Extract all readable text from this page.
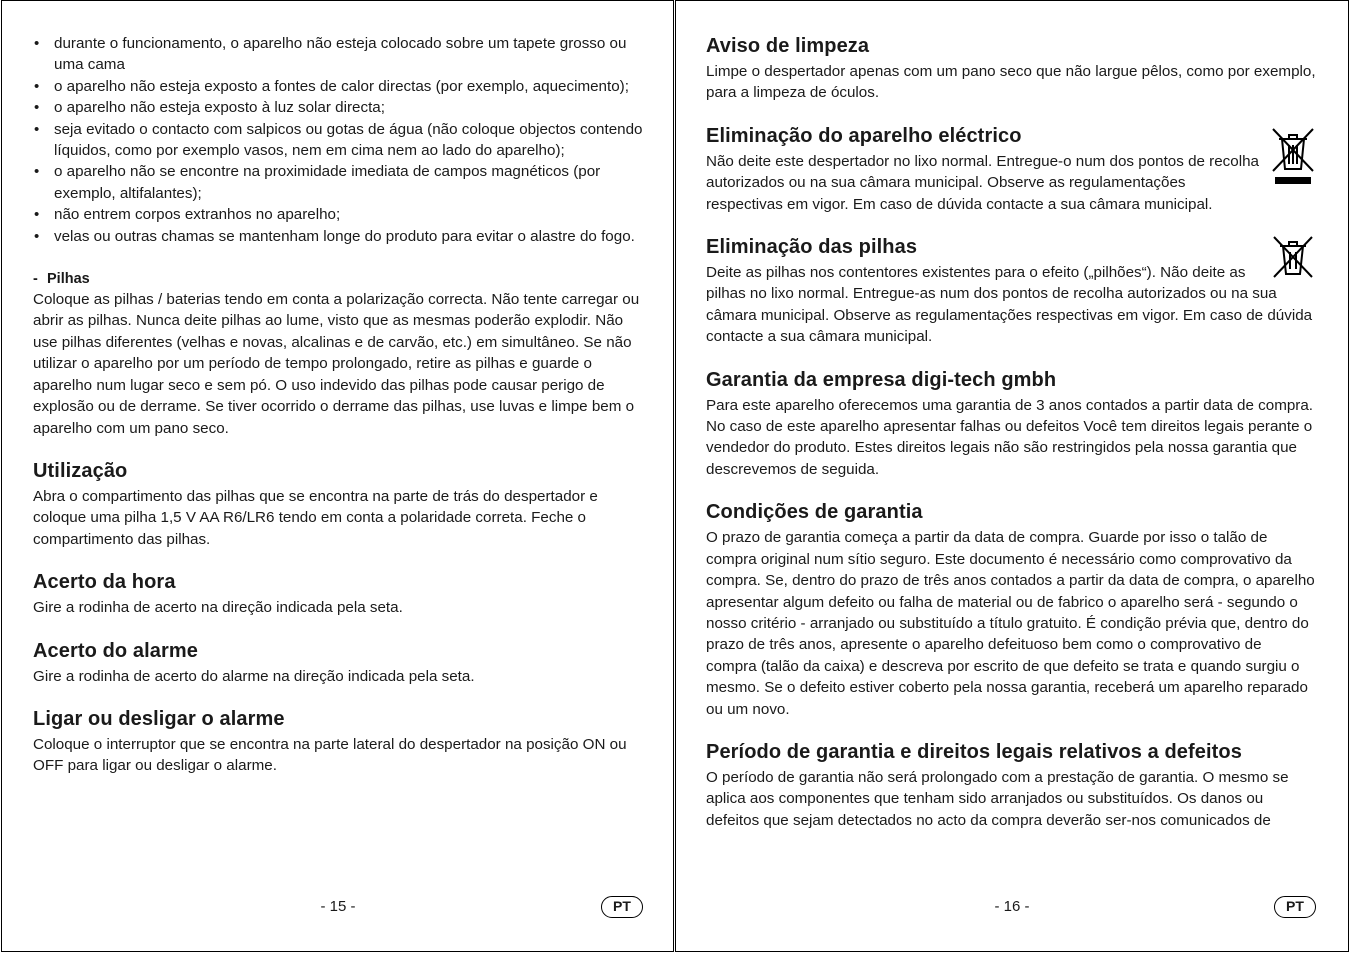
• durante o funcionamento, o aparelho não esteja colocado sobre um tapete grosso ou uma cama
• o aparelho não esteja exposto a fontes de calor directas (por exemplo, aquecimento);
• o aparelho não esteja exposto à luz solar directa;
• seja evitado o contacto com salpicos ou gotas de água (não coloque objectos contendo líquidos, como por exemplo vasos, nem em cima nem ao lado do aparelho);
• o aparelho não se encontre na proximidade imediata de campos magnéticos (por exemplo, altifalantes);
• não entrem corpos extranhos no aparelho;
• velas ou outras chamas se mantenham longe do produto para evitar o alastre do fogo.
- Pilhas

Coloque as pilhas / baterias tendo em conta a polarização correcta. Não tente carregar ou abrir as pilhas. Nunca deite pilhas ao lume, visto que as mesmas poderão explodir. Não use pilhas diferentes (velhas e novas, alcalinas e de carvão, etc.) em simultâneo. Se não utilizar o aparelho por um período de tempo prolongado, retire as pilhas e guarde o aparelho num lugar seco e sem pó. O uso indevido das pilhas pode causar perigo de explosão ou de derrame. Se tiver ocorrido o derrame das pilhas, use luvas e limpe bem o aparelho com um pano seco.

Utilização

Abra o compartimento das pilhas que se encontra na parte de trás do despertador e coloque uma pilha 1,5 V AA R6/LR6 tendo em conta a polaridade correta. Feche o compartimento das pilhas.

Acerto da hora

Gire a rodinha de acerto na direção indicada pela seta.

Acerto do alarme

Gire a rodinha de acerto do alarme na direção indicada pela seta.

Ligar ou desligar o alarme

Coloque o interruptor que se encontra na parte lateral do despertador na posição ON ou OFF para ligar ou desligar o alarme.

- 15 -	PT
Aviso de limpeza

Limpe o despertador apenas com um pano seco que não largue pêlos, como por exemplo, para a limpeza de óculos.

Eliminação do aparelho eléctrico

Não deite este despertador no lixo normal. Entregue-o num dos pontos de recolha autorizados ou na sua câmara municipal. Observe as regulamentações respectivas em vigor. Em caso de dúvida contacte a sua câmara municipal.

Eliminação das pilhas

Deite as pilhas nos contentores existentes para o efeito („pilhões“). Não deite as pilhas no lixo normal. Entregue-as num dos pontos de recolha autorizados ou na sua câmara municipal. Observe as regulamentações respectivas em vigor. Em caso de dúvida contacte a sua câmara municipal.

Garantia da empresa digi-tech gmbh

Para este aparelho oferecemos uma garantia de 3 anos contados a partir data de compra. No caso de este aparelho apresentar falhas ou defeitos Você tem direitos legais perante o vendedor do produto. Estes direitos legais não são restringidos pela nossa garantia que descrevemos de seguida.

Condições de garantia

O prazo de garantia começa a partir da data de compra. Guarde por isso o talão de compra original num sítio seguro. Este documento é necessário como comprovativo da compra. Se, dentro do prazo de três anos contados a partir da data de compra, o aparelho apresentar algum defeito ou falha de material ou de fabrico o aparelho será - segundo o nosso critério - arranjado ou substituído a título gratuito. É condição prévia que, dentro do prazo de três anos, apresente o aparelho defeituoso bem como o comprovativo de compra (talão da caixa) e descreva por escrito de que defeito se trata e quando surgiu o mesmo. Se o defeito estiver coberto pela nossa garantia, receberá um aparelho reparado ou um novo.

Período de garantia e direitos legais relativos a defeitos

O período de garantia não será prolongado com a prestação de garantia. O mesmo se aplica aos componentes que tenham sido arranjados ou substituídos. Os danos ou defeitos que sejam detectados no acto da compra deverão ser-nos comunicados de

- 16 -	PT
